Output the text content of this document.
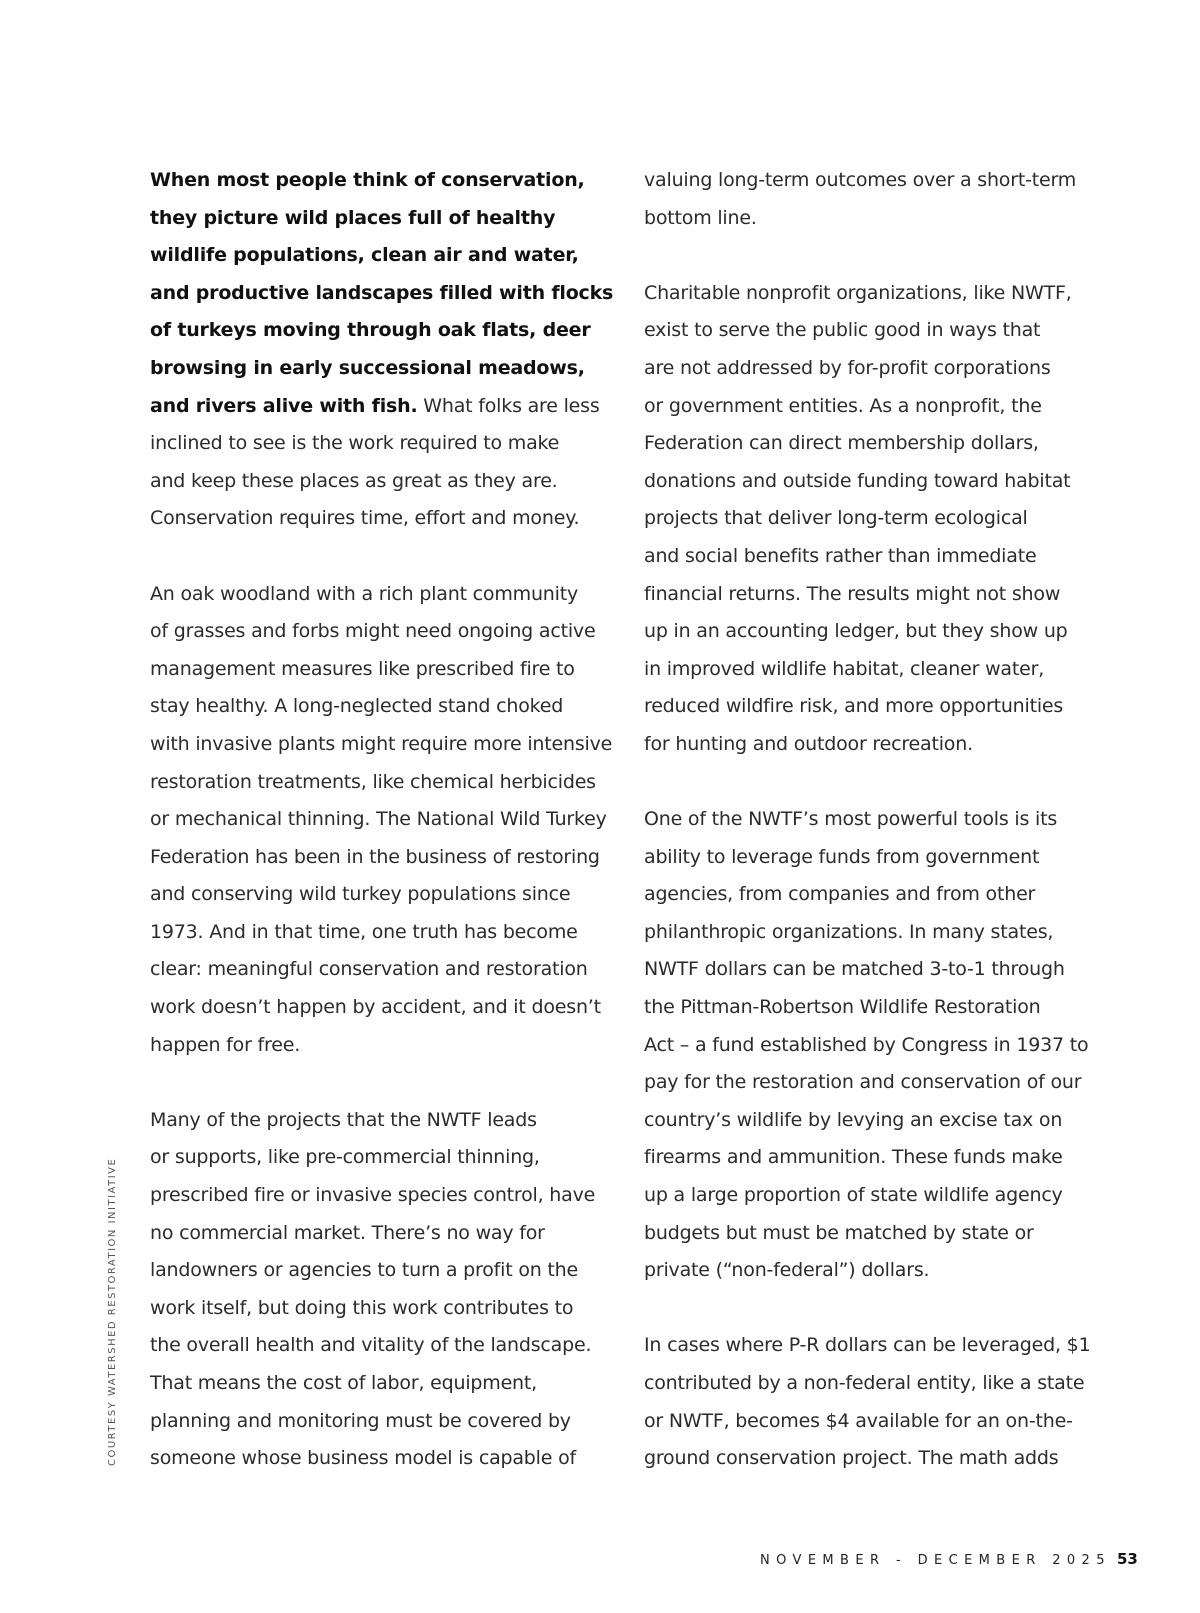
When most people think of conservation,
they picture wild places full of healthy
wildlife populations, clean air and water,
and productive landscapes filled with flocks
of turkeys moving through oak flats, deer
browsing in early successional meadows,
and rivers alive with fish. What folks are less
inclined to see is the work required to make
and keep these places as great as they are.
Conservation requires time, effort and money.

An oak woodland with a rich plant community
of grasses and forbs might need ongoing active
management measures like prescribed fire to
stay healthy. A long-neglected stand choked
with invasive plants might require more intensive
restoration treatments, like chemical herbicides
or mechanical thinning. The National Wild Turkey
Federation has been in the business of restoring
and conserving wild turkey populations since
1973. And in that time, one truth has become
clear: meaningful conservation and restoration
work doesn’t happen by accident, and it doesn’t
happen for free.

Many of the projects that the NWTF leads
or supports, like pre-commercial thinning,
prescribed fire or invasive species control, have
no commercial market. There’s no way for
landowners or agencies to turn a profit on the
work itself, but doing this work contributes to
the overall health and vitality of the landscape.
That means the cost of labor, equipment,
planning and monitoring must be covered by
someone whose business model is capable of

valuing long-term outcomes over a short-term
bottom line.

Charitable nonprofit organizations, like NWTF,
exist to serve the public good in ways that
are not addressed by for-profit corporations
or government entities. As a nonprofit, the
Federation can direct membership dollars,
donations and outside funding toward habitat
projects that deliver long-term ecological
and social benefits rather than immediate
financial returns. The results might not show
up in an accounting ledger, but they show up
in improved wildlife habitat, cleaner water,
reduced wildfire risk, and more opportunities
for hunting and outdoor recreation.

One of the NWTF’s most powerful tools is its
ability to leverage funds from government
agencies, from companies and from other
philanthropic organizations. In many states,
NWTF dollars can be matched 3-to-1 through
the Pittman-Robertson Wildlife Restoration
Act – a fund established by Congress in 1937 to
pay for the restoration and conservation of our
country’s wildlife by levying an excise tax on
firearms and ammunition. These funds make
up a large proportion of state wildlife agency
budgets but must be matched by state or
private (“non-federal”) dollars.

In cases where P-R dollars can be leveraged, $1
contributed by a non-federal entity, like a state
or NWTF, becomes $4 available for an on-the-
ground conservation project. The math adds

COURTESY WATERSHED RESTORATION INITIATIVE
NOVEMBER - DECEMBER 2025 53
